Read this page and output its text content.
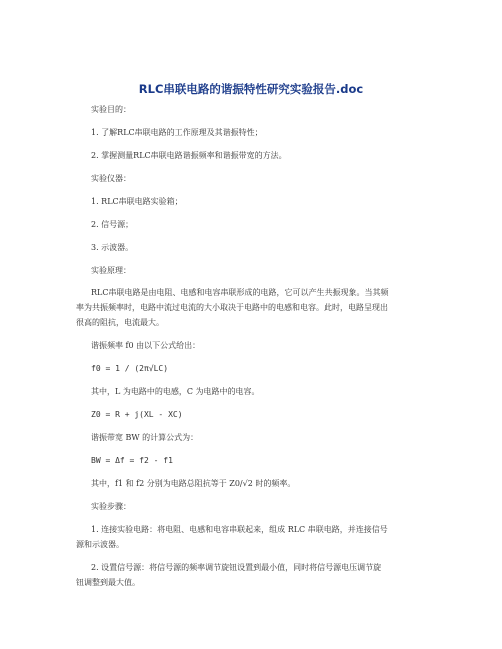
RLC串联电路的谐振特性研究实验报告.doc
实验目的：
1. 了解RLC串联电路的工作原理及其谐振特性；
2. 掌握测量RLC串联电路谐振频率和谐振带宽的方法。
实验仪器：
1. RLC串联电路实验箱；
2. 信号源；
3. 示波器。
实验原理：
RLC串联电路是由电阻、电感和电容串联形成的电路，它可以产生共振现象。当其频
率为共振频率时，电路中流过电流的大小取决于电路中的电感和电容。此时，电路呈现出
很高的阻抗，电流最大。
谐振频率 f0 由以下公式给出：
f0 = 1 / (2π√LC)
其中，L 为电路中的电感，C 为电路中的电容。
Z0 = R + j(XL - XC)
谐振带宽 BW 的计算公式为：
BW = Δf = f2 - f1
其中，f1 和 f2 分别为电路总阻抗等于 Z0/√2 时的频率。
实验步骤：
1. 连接实验电路：将电阻、电感和电容串联起来，组成 RLC 串联电路，并连接信号
源和示波器。
2. 设置信号源：将信号源的频率调节旋钮设置到最小值，同时将信号源电压调节旋
钮调整到最大值。
